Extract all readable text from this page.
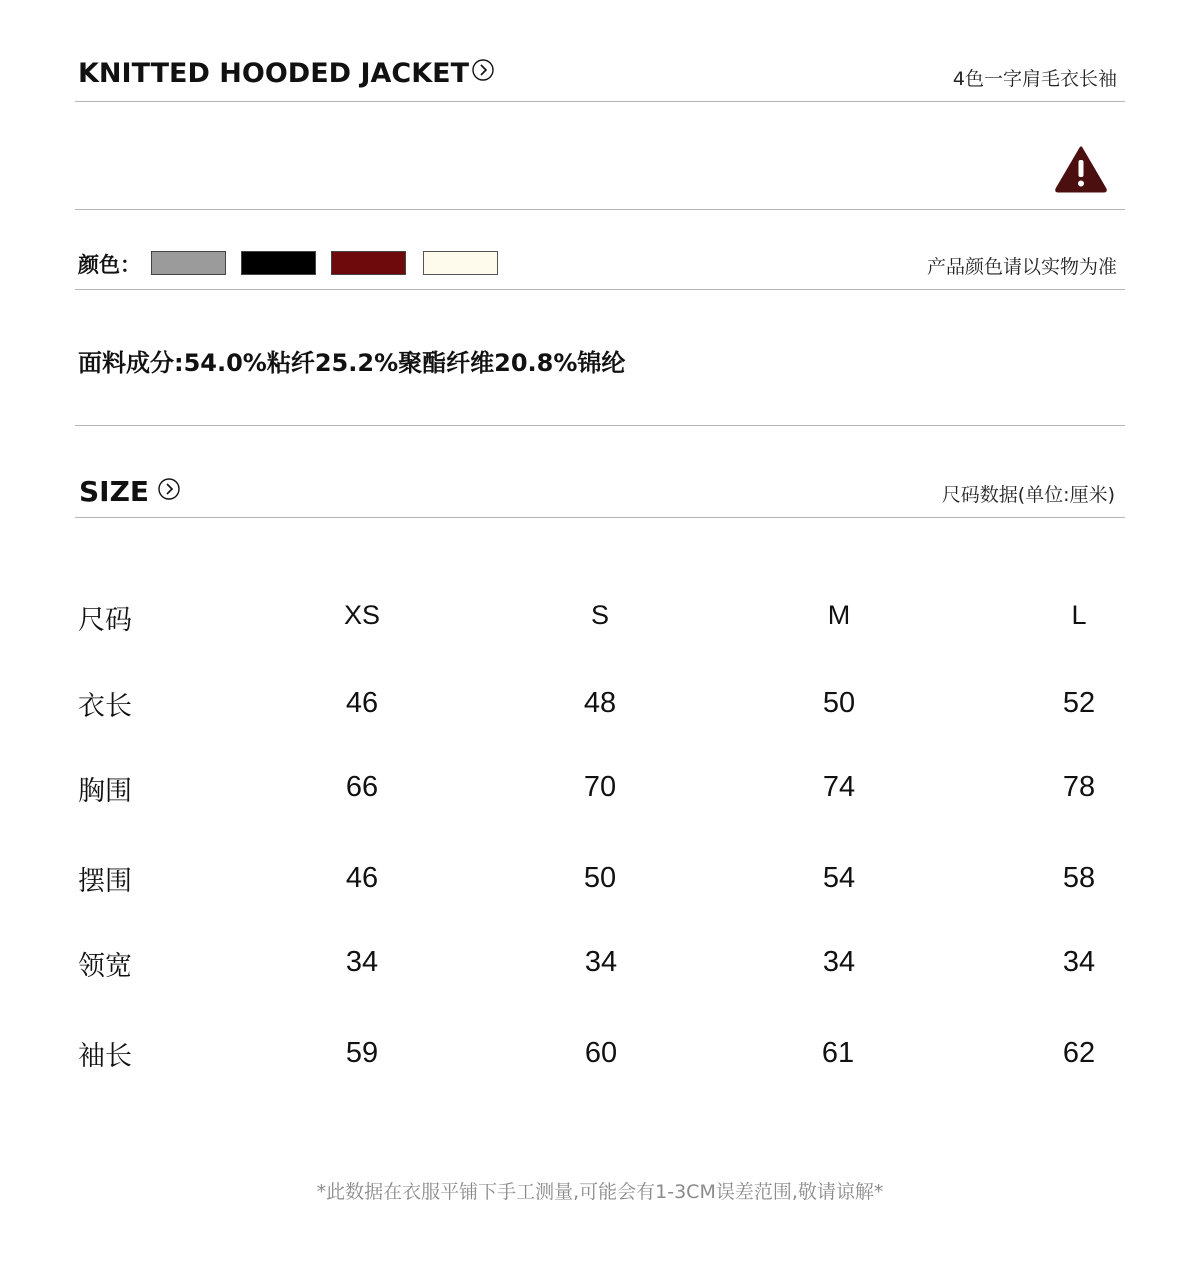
KNITTED HOODED JACKET	4色一字肩毛衣长袖
颜色：	产品颜色请以实物为准
面料成分:54.0%粘纤25.2%聚酯纤维20.8%锦纶
SIZE	尺码数据(单位:厘米)
尺码	XS	S	M	L
衣长	46	48	50	52
胸围	66	70	74	78
摆围	46	50	54	58
领宽	34	34	34	34
袖长	59	60	61	62
*此数据在衣服平铺下手工测量,可能会有1-3CM误差范围,敬请谅解*
